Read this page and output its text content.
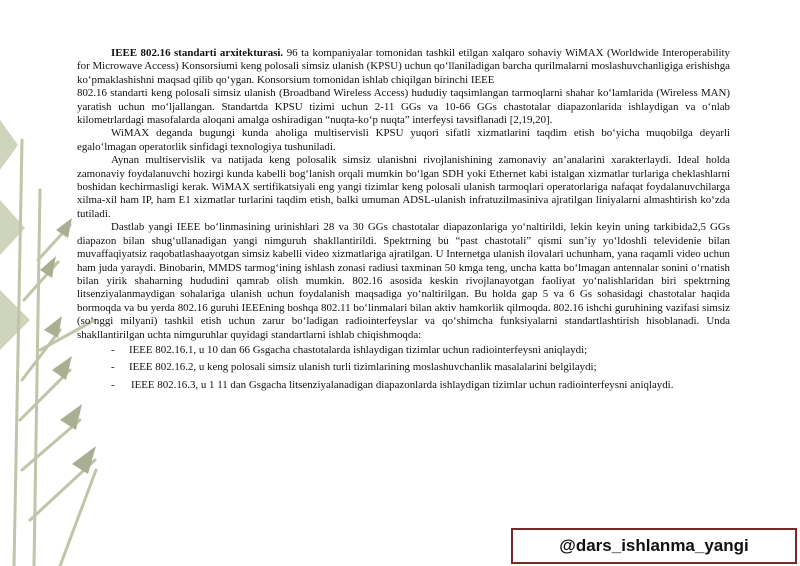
IEEE 802.16 standarti arxitekturasi. 96 ta kompaniyalar tomonidan tashkil etilgan xalqaro sohaviy WiMAX (Worldwide Interoperability for Microwave Access) Konsorsiumi keng polosali simsiz ulanish (KPSU) uchun qo‘llaniladigan barcha qurilmalarni moslashuvchanligiga erishishga ko‘pmaklashishni maqsad qilib qo‘ygan. Konsorsium tomonidan ishlab chiqilgan birinchi IEEE

802.16 standarti keng polosali simsiz ulanish (Broadband Wireless Access) hududiy taqsimlangan tarmoqlarni shahar ko‘lamlarida (Wireless MAN) yaratish uchun mo‘ljallangan. Standartda KPSU tizimi uchun 2-11 GGs va 10-66 GGs chastotalar diapazonlarida ishlaydigan va o‘nlab kilometrlardagi masofalarda aloqani amalga oshiradigan “nuqta-ko‘p nuqta” interfeysi tavsiflanadi [2,19,20].

WiMAX deganda bugungi kunda aholiga multiservisli KPSU yuqori sifatli xizmatlarini taqdim etish bo‘yicha muqobilga deyarli egalo‘lmagan operatorlik sinfidagi texnologiya tushuniladi.

Aynan multiservislik va natijada keng polosalik simsiz ulanishni rivojlanishining zamonaviy an’analarini xarakterlaydi. Ideal holda zamonaviy foydalanuvchi hozirgi kunda kabelli bog‘lanish orqali mumkin bo‘lgan SDH yoki Ethernet kabi istalgan xizmatlar turlariga cheklashlarni boshidan kechirmasligi kerak. WiMAX sertifikatsiyali eng yangi tizimlar keng polosali ulanish tarmoqlari operatorlariga nafaqat foydalanuvchilarga xilma-xil ham IP, ham E1 xizmatlar turlarini taqdim etish, balki umuman ADSL-ulanish infratuzilmasiniva ajratilgan liniyalarni almashtirish ko‘zda tutiladi.

Dastlab yangi IEEE bo‘linmasining urinishlari 28 va 30 GGs chastotalar diapazonlariga yo‘naltirildi, lekin keyin uning tarkibida2,5 GGs diapazon bilan shug‘ullanadigan yangi nimguruh shakllantirildi. Spektrning bu “past chastotali” qismi sun’iy yo‘ldoshli televidenie bilan muvaffaqiyatsiz raqobatlashaayotgan simsiz kabelli video xizmatlariga ajratilgan. U Internetga ulanish ilovalari uchunham, yana raqamli video uchun ham juda yaraydi. Binobarin, MMDS tarmog‘ining ishlash zonasi radiusi taxminan 50 kmga teng, uncha katta bo‘lmagan antennalar sonini o‘rnatish bilan yirik shaharning hududini qamrab olish mumkin. 802.16 asosida keskin rivojlanayotgan faoliyat yo‘nalishlaridan biri spektrning litsenziyalanmaydigan sohalariga ulanish uchun foydalanish maqsadiga yo‘naltirilgan. Bu holda gap 5 va 6 Gs sohasidagi chastotalar haqida bormoqda va bu yerda 802.16 guruhi IEEEning boshqa 802.11 bo‘linmalari bilan aktiv hamkorlik qilmoqda. 802.16 ishchi guruhining vazifasi simsiz (so‘nggi milyani) tashkil etish uchun zarur bo‘ladigan radiointerfeyslar va qo‘shimcha funksiyalarni standartlashtirish hisoblanadi. Unda shakllantirilgan uchta nimguruhlar quyidagi standartlarni ishlab chiqishmoqda:

-	IEEE 802.16.1, u 10 dan 66 Gsgacha chastotalarda ishlaydigan tizimlar uchun radiointerfeysni aniqlaydi;
-	IEEE 802.16.2, u keng polosali simsiz ulanish turli tizimlarining moslashuvchanlik masalalarini belgilaydi;

- IEEE 802.16.3, u 1 11 dan Gsgacha litsenziyalanadigan diapazonlarda ishlaydigan tizimlar uchun radiointerfeysni aniqlaydi.

@dars_ishlanma_yangi
